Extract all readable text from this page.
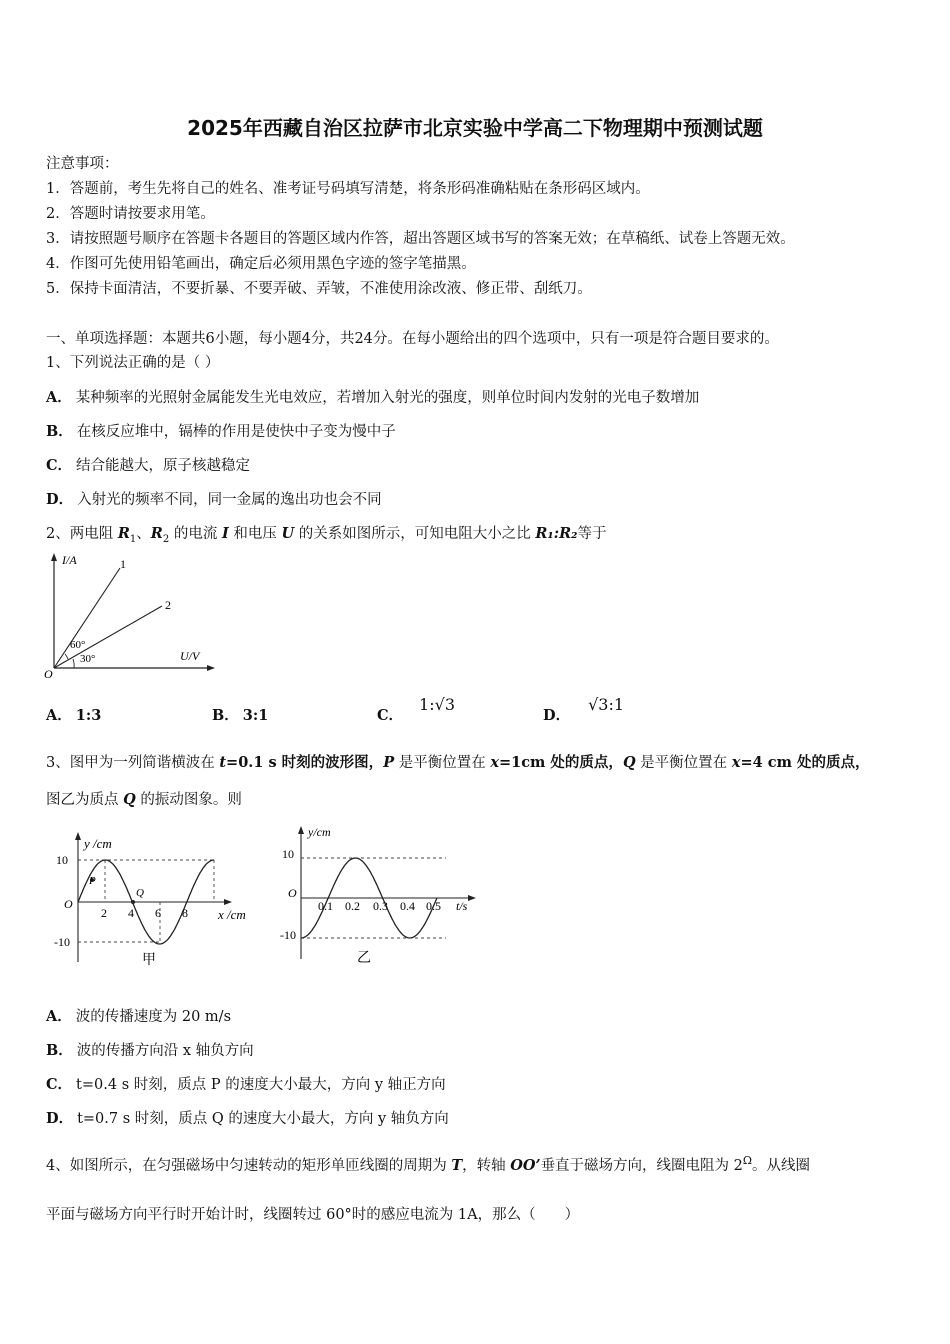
2025年西藏自治区拉萨市北京实验中学高二下物理期中预测试题
注意事项：
1．答题前，考生先将自己的姓名、准考证号码填写清楚，将条形码准确粘贴在条形码区域内。
2．答题时请按要求用笔。
3．请按照题号顺序在答题卡各题目的答题区域内作答，超出答题区域书写的答案无效；在草稿纸、试卷上答题无效。
4．作图可先使用铅笔画出，确定后必须用黑色字迹的签字笔描黑。
5．保持卡面清洁，不要折暴、不要弄破、弄皱，不准使用涂改液、修正带、刮纸刀。
一、单项选择题：本题共6小题，每小题4分，共24分。在每小题给出的四个选项中，只有一项是符合题目要求的。
1、下列说法正确的是（ ）
A． 某种频率的光照射金属能发生光电效应，若增加入射光的强度，则单位时间内发射的光电子数增加
B． 在核反应堆中，镉棒的作用是使快中子变为慢中子
C． 结合能越大，原子核越稳定
D． 入射光的频率不同，同一金属的逸出功也会不同
2、两电阻 $R_1$、$R_2$ 的电流 I 和电压 U 的关系如图所示，可知电阻大小之比 R₁:R₂等于
I/A
U/V
O
1
2
60°
30°
A． 1:3	B． 3:1	C．1:√3
D．√3:1
3、图甲为一列简谐横波在 t=0.1 s 时刻的波形图，P 是平衡位置在 x=1cm 处的质点，Q 是平衡位置在 x=4 cm 处的质点，
图乙为质点 Q 的振动图象。则
y /cm
x /cm
10
-10
O
2 4 6 8
P
Q
甲
y/cm
t/s
10
-10
O
0.1 0.2 0.3 0.4 0.5
乙
A． 波的传播速度为 20 m/s
B． 波的传播方向沿 x 轴负方向
C． t=0.4 s 时刻，质点 P 的速度大小最大，方向 y 轴正方向
D． t=0.7 s 时刻，质点 Q 的速度大小最大，方向 y 轴负方向
4、如图所示，在匀强磁场中匀速转动的矩形单匝线圈的周期为 T，转轴 OO’垂直于磁场方向，线圈电阻为 $2^\Omega$。从线圈
平面与磁场方向平行时开始计时，线圈转过 60°时的感应电流为 1A，那么（　　）
